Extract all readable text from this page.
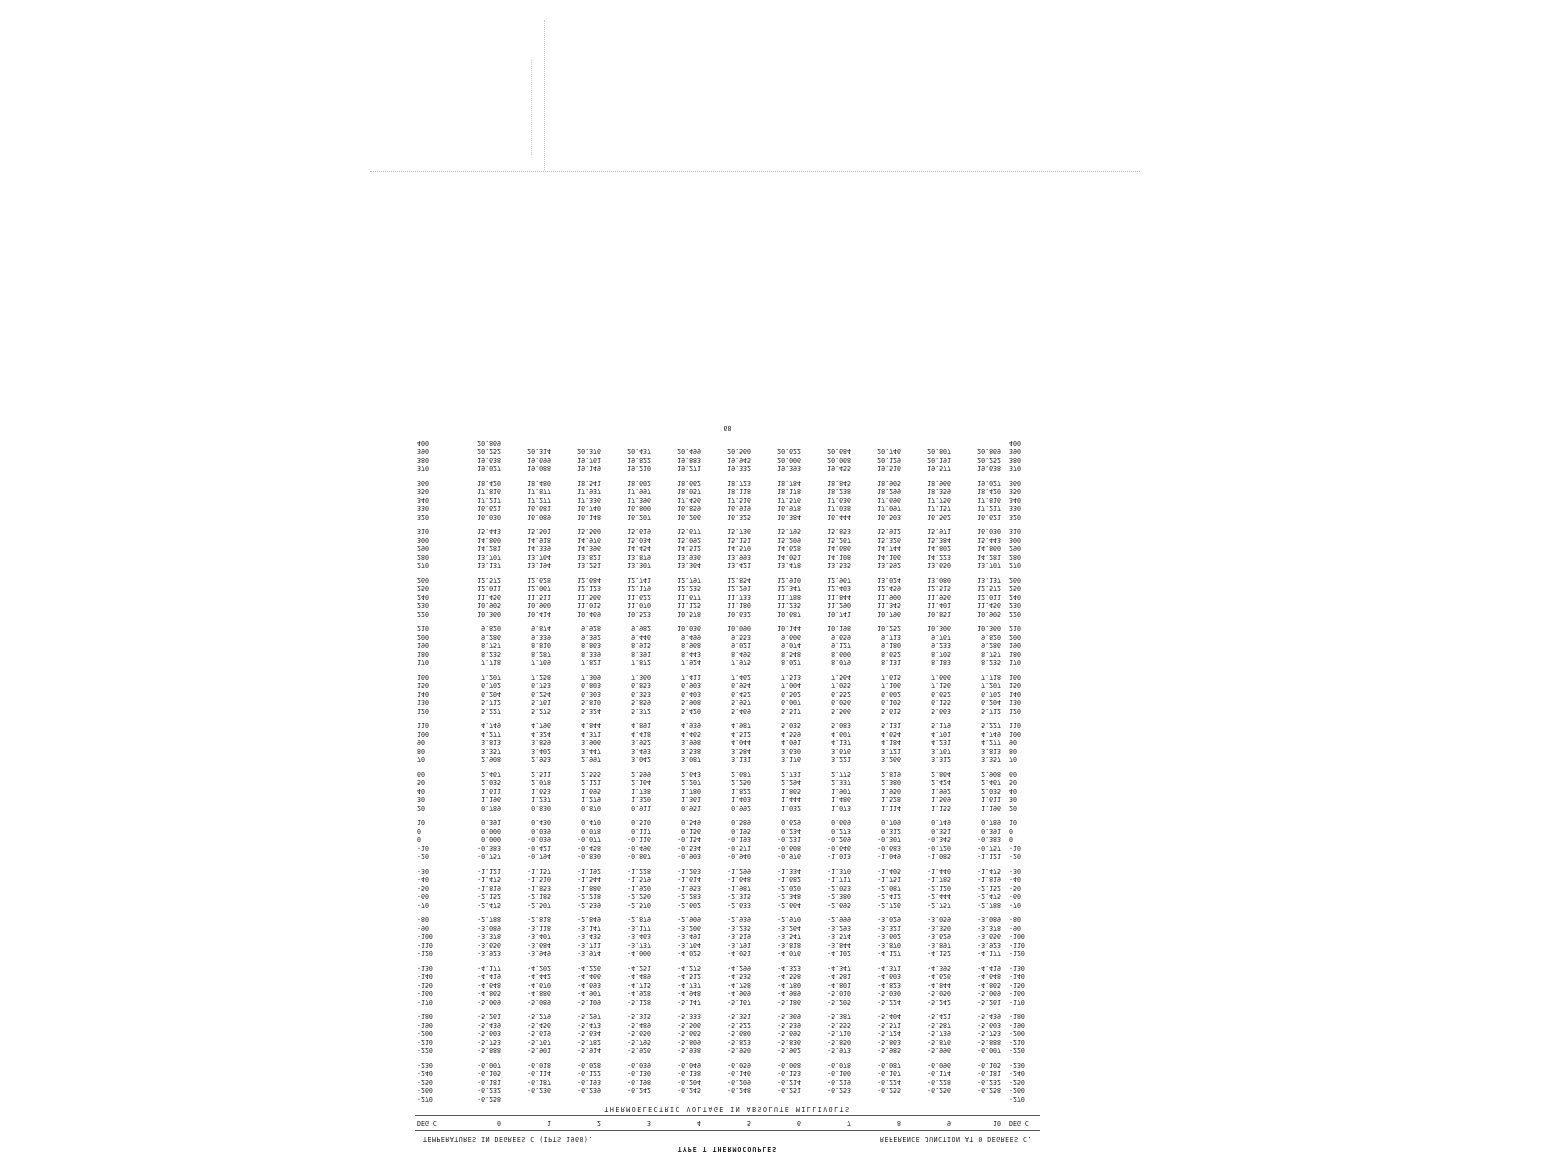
TYPE T THERMOCOUPLES
TEMPERATURES IN DEGREES C (IPTS 1968).	REFERENCE JUNCTION AT 0 DEGREES C.
DEG C	0	1	2	3	4	5	6	7	8	9	10	DEG C
THERMOELECTRIC VOLTAGE IN ABSOLUTE MILLIVOLTS
-270	-6.258	-270
-260	-6.232	-6.236	-6.239	-6.242	-6.245	-6.248	-6.251	-6.253	-6.255	-6.256	-6.258	-260
-250	-6.181	-6.187	-6.193	-6.198	-6.204	-6.209	-6.214	-6.219	-6.224	-6.228	-6.232	-250
-240	-6.105	-6.114	-6.122	-6.130	-6.138	-6.146	-6.153	-6.160	-6.167	-6.174	-6.181	-240
-230	-6.007	-6.018	-6.028	-6.039	-6.049	-6.059	-6.068	-6.078	-6.087	-6.096	-6.105	-230
-220	-5.888	-5.901	-5.914	-5.926	-5.938	-5.950	-5.962	-5.973	-5.985	-5.996	-6.007	-220
-210	-5.753	-5.767	-5.782	-5.795	-5.809	-5.823	-5.836	-5.850	-5.863	-5.876	-5.888	-210
-200	-5.603	-5.619	-5.634	-5.650	-5.665	-5.680	-5.695	-5.710	-5.724	-5.739	-5.753	-200
-190	-5.439	-5.456	-5.473	-5.489	-5.506	-5.522	-5.539	-5.555	-5.571	-5.587	-5.603	-190
-180	-5.261	-5.279	-5.297	-5.315	-5.333	-5.351	-5.369	-5.387	-5.404	-5.421	-5.439	-180
-170	-5.069	-5.089	-5.109	-5.128	-5.147	-5.167	-5.186	-5.205	-5.224	-5.242	-5.261	-170
-160	-4.865	-4.886	-4.907	-4.928	-4.948	-4.969	-4.989	-5.010	-5.030	-5.050	-5.069	-160
-150	-4.648	-4.670	-4.693	-4.715	-4.737	-4.758	-4.780	-4.801	-4.823	-4.844	-4.865	-150
-140	-4.419	-4.442	-4.466	-4.489	-4.512	-4.535	-4.558	-4.581	-4.603	-4.626	-4.648	-140
-130	-4.177	-4.202	-4.226	-4.251	-4.275	-4.299	-4.323	-4.347	-4.371	-4.395	-4.419	-130
-120	-3.923	-3.949	-3.974	-4.000	-4.025	-4.051	-4.076	-4.102	-4.127	-4.152	-4.177	-120
-110	-3.656	-3.684	-3.711	-3.737	-3.764	-3.791	-3.818	-3.844	-3.870	-3.897	-3.923	-110
-100	-3.378	-3.407	-3.435	-3.463	-3.491	-3.519	-3.547	-3.574	-3.602	-3.629	-3.656	-100
-90	-3.089	-3.118	-3.147	-3.177	-3.206	-3.235	-3.264	-3.293	-3.321	-3.350	-3.378	-90
-80	-2.788	-2.818	-2.849	-2.879	-2.909	-2.939	-2.970	-2.999	-3.029	-3.059	-3.089	-80
-70	-2.475	-2.507	-2.539	-2.570	-2.602	-2.633	-2.664	-2.695	-2.726	-2.757	-2.788	-70
-60	-2.152	-2.185	-2.218	-2.250	-2.283	-2.315	-2.348	-2.380	-2.412	-2.444	-2.475	-60
-50	-1.819	-1.853	-1.886	-1.920	-1.953	-1.987	-2.020	-2.053	-2.087	-2.120	-2.152	-50
-40	-1.475	-1.510	-1.544	-1.579	-1.614	-1.648	-1.682	-1.717	-1.751	-1.785	-1.819	-40
-30	-1.121	-1.157	-1.192	-1.228	-1.263	-1.299	-1.334	-1.370	-1.405	-1.440	-1.475	-30
-20	-0.757	-0.794	-0.830	-0.867	-0.903	-0.940	-0.976	-1.013	-1.049	-1.085	-1.121	-20
-10	-0.383	-0.421	-0.458	-0.496	-0.534	-0.571	-0.608	-0.646	-0.683	-0.720	-0.757	-10
0	0.000	-0.039	-0.077	-0.116	-0.154	-0.193	-0.231	-0.269	-0.307	-0.345	-0.383	0
0	0.000	0.039	0.078	0.117	0.156	0.195	0.234	0.273	0.312	0.351	0.391	0
10	0.391	0.430	0.470	0.510	0.549	0.589	0.629	0.669	0.709	0.749	0.789	10
20	0.789	0.830	0.870	0.911	0.951	0.992	1.032	1.073	1.114	1.155	1.196	20
30	1.196	1.237	1.279	1.320	1.361	1.403	1.444	1.486	1.528	1.569	1.611	30
40	1.611	1.653	1.695	1.738	1.780	1.822	1.865	1.907	1.950	1.992	2.035	40
50	2.035	2.078	2.121	2.164	2.207	2.250	2.294	2.337	2.380	2.424	2.467	50
60	2.467	2.511	2.555	2.599	2.643	2.687	2.731	2.775	2.819	2.864	2.908	60
70	2.908	2.953	2.997	3.042	3.087	3.131	3.176	3.221	3.266	3.312	3.357	70
80	3.357	3.402	3.447	3.493	3.538	3.584	3.630	3.676	3.721	3.767	3.813	80
90	3.813	3.859	3.906	3.952	3.998	4.044	4.091	4.137	4.184	4.231	4.277	90
100	4.277	4.324	4.371	4.418	4.465	4.512	4.559	4.607	4.654	4.701	4.749	100
110	4.749	4.796	4.844	4.891	4.939	4.987	5.035	5.083	5.131	5.179	5.227	110
120	5.227	5.275	5.324	5.372	5.420	5.469	5.517	5.566	5.615	5.663	5.712	120
130	5.712	5.761	5.810	5.859	5.908	5.957	6.007	6.056	6.105	6.155	6.204	130
140	6.204	6.254	6.303	6.353	6.403	6.452	6.502	6.552	6.602	6.652	6.702	140
150	6.702	6.753	6.803	6.853	6.903	6.954	7.004	7.055	7.106	7.156	7.207	150
160	7.207	7.258	7.309	7.360	7.411	7.462	7.513	7.564	7.615	7.666	7.718	160
170	7.718	7.769	7.821	7.872	7.924	7.975	8.027	8.079	8.131	8.183	8.235	170
180	8.235	8.287	8.339	8.391	8.443	8.495	8.548	8.600	8.652	8.705	8.757	180
190	8.757	8.810	8.863	8.915	8.968	9.021	9.074	9.127	9.180	9.233	9.286	190
200	9.286	9.339	9.392	9.446	9.499	9.553	9.606	9.659	9.713	9.767	9.820	200
210	9.820	9.874	9.928	9.982	10.036	10.090	10.144	10.198	10.252	10.306	10.360	210
220	10.360	10.414	10.469	10.523	10.578	10.632	10.687	10.741	10.796	10.851	10.905	220
230	10.905	10.960	11.015	11.070	11.125	11.180	11.235	11.290	11.345	11.401	11.456	230
240	11.456	11.511	11.566	11.622	11.677	11.733	11.788	11.844	11.900	11.956	12.011	240
250	12.011	12.067	12.123	12.179	12.235	12.291	12.347	12.403	12.459	12.515	12.572	250
260	12.572	12.628	12.684	12.741	12.797	12.854	12.910	12.967	13.024	13.080	13.137	260
270	13.137	13.194	13.251	13.307	13.364	13.421	13.478	13.535	13.592	13.650	13.707	270
280	13.707	13.764	13.821	13.879	13.936	13.993	14.051	14.108	14.166	14.223	14.281	280
290	14.281	14.339	14.396	14.454	14.512	14.570	14.628	14.686	14.744	14.802	14.860	290
300	14.860	14.918	14.976	15.034	15.092	15.151	15.209	15.267	15.326	15.384	15.443	300
310	15.443	15.501	15.560	15.619	15.677	15.736	15.795	15.853	15.912	15.971	16.030	310
320	16.030	16.089	16.148	16.207	16.266	16.325	16.384	16.444	16.503	16.562	16.621	320
330	16.621	16.681	16.740	16.800	16.859	16.919	16.978	17.038	17.097	17.157	17.217	330
340	17.217	17.277	17.336	17.396	17.456	17.516	17.576	17.636	17.696	17.756	17.816	340
350	17.816	17.877	17.937	17.997	18.057	18.118	18.178	18.238	18.299	18.359	18.420	350
360	18.420	18.480	18.541	18.602	18.662	18.723	18.784	18.845	18.905	18.966	19.027	360
370	19.027	19.088	19.149	19.210	19.271	19.332	19.393	19.455	19.516	19.577	19.638	370
380	19.638	19.699	19.761	19.822	19.883	19.945	20.006	20.068	20.129	20.191	20.252	380
390	20.252	20.314	20.376	20.437	20.499	20.560	20.622	20.684	20.746	20.807	20.869	390
400	20.869	400
68
